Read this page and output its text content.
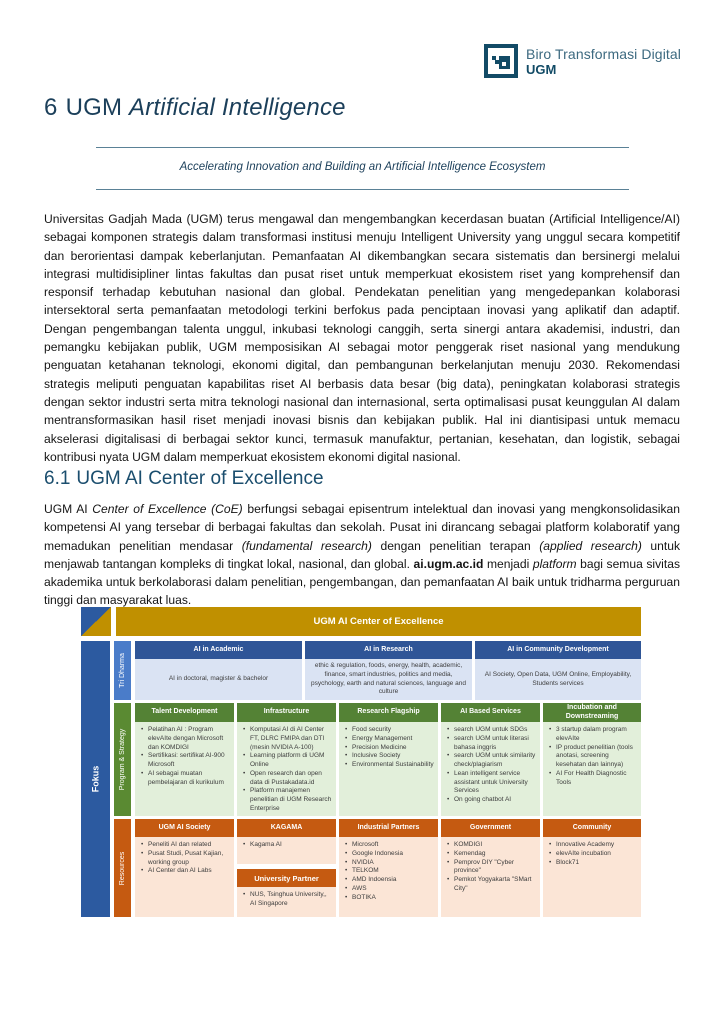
Biro Transformasi Digital
UGM
6 UGM Artificial Intelligence
Accelerating Innovation and Building an Artificial Intelligence Ecosystem

Universitas Gadjah Mada (UGM) terus mengawal dan mengembangkan kecerdasan buatan (Artificial Intelligence/AI) sebagai komponen strategis dalam transformasi institusi menuju Intelligent University yang unggul secara kompetitif dan berorientasi dampak keberlanjutan. Pemanfaatan AI dikembangkan secara sistematis dan bersinergi melalui integrasi multidisipliner lintas fakultas dan pusat riset untuk memperkuat ekosistem riset yang komprehensif dan responsif terhadap kebutuhan nasional dan global. Pendekatan penelitian yang mengedepankan kolaborasi intersektoral serta pemanfaatan metodologi terkini berfokus pada penciptaan inovasi yang aplikatif dan adaptif. Dengan pengembangan talenta unggul, inkubasi teknologi canggih, serta sinergi antara akademisi, industri, dan pemangku kebijakan publik, UGM memposisikan AI sebagai motor penggerak riset nasional yang mendukung penguatan ketahanan teknologi, ekonomi digital, dan pembangunan berkelanjutan menuju 2030. Rekomendasi strategis meliputi penguatan kapabilitas riset AI berbasis data besar (big data), peningkatan kolaborasi strategis dengan sektor industri serta mitra teknologi nasional dan internasional, serta optimalisasi pusat keunggulan AI dalam mentransformasikan hasil riset menjadi inovasi bisnis dan kebijakan publik. Hal ini diantisipasi untuk memacu akselerasi digitalisasi di berbagai sektor kunci, termasuk manufaktur, pertanian, kesehatan, dan logistik, sebagai kontribusi nyata UGM dalam memperkuat ekosistem ekonomi digital nasional.

6.1 UGM AI Center of Excellence

UGM AI Center of Excellence (CoE) berfungsi sebagai episentrum intelektual dan inovasi yang mengkonsolidasikan kompetensi AI yang tersebar di berbagai fakultas dan sekolah. Pusat ini dirancang sebagai platform kolaboratif yang memadukan penelitian mendasar (fundamental research) dengan penelitian terapan (applied research) untuk menjawab tantangan kompleks di tingkat lokal, nasional, dan global. ai.ugm.ac.id menjadi platform bagi semua sivitas akademika untuk berkolaborasi dalam penelitian, pengembangan, dan pemanfaatan AI baik untuk tridharma perguruan tinggi dan masyarakat luas.

UGM AI Center of Excellence
Fokus
Tri Dharma
Program & Strategy
Resources
AI in Academic
AI in doctoral, magister & bachelor
AI in Research
ethic & regulation, foods, energy, health, academic, finance, smart industries, politics and media, psychology, earth and natural sciences, language and culture
AI in Community Development
AI Society, Open Data, UGM Online, Employability, Students services
Talent Development
• Pelatihan AI : Program elevAIte dengan Microsoft dan KOMDIGI
• Sertifikasi: sertifikat AI-900 Microsoft
• AI sebagai muatan pembelajaran di kurikulum
Infrastructure
• Komputasi AI di AI Center FT, DLRC FMIPA dan DTI (mesin NVIDIA A-100)
• Learning platform di UGM Online
• Open research dan open data di Pustakadata.id
• Platform manajemen penelitian di UGM Research Enterprise
Research Flagship
• Food security
• Energy Management
• Precision Medicine
• Inclusive Society
• Environmental Sustainability
AI Based Services
• search UGM untuk SDGs
• search UGM untuk literasi bahasa inggris
• search UGM untuk similarity check/plagiarism
• Lean intelligent service assistant untuk University Services
• On going chatbot AI
Incubation and Downstreaming
• 3 startup dalam program elevAIte
• IP product penelitian (tools anotasi, screening kesehatan dan lainnya)
• AI For Health Diagnostic Tools
UGM AI Society
• Peneliti AI dan related
• Pusat Studi, Pusat Kajian, working group
• AI Center dan AI Labs
KAGAMA
• Kagama AI
University Partner
• NUS, Tsinghua University,, AI Singapore
Industrial Partners
• Microsoft
• Google Indonesia
• NVIDIA
• TELKOM
• AMD Indoensia
• AWS
• BOTIKA
Government
• KOMDIGI
• Kemendag
• Pemprov DIY "Cyber province"
• Pemkot Yogyakarta "SMart City"
Community
• Innovative Academy
• elevAIte incubation
• Block71
